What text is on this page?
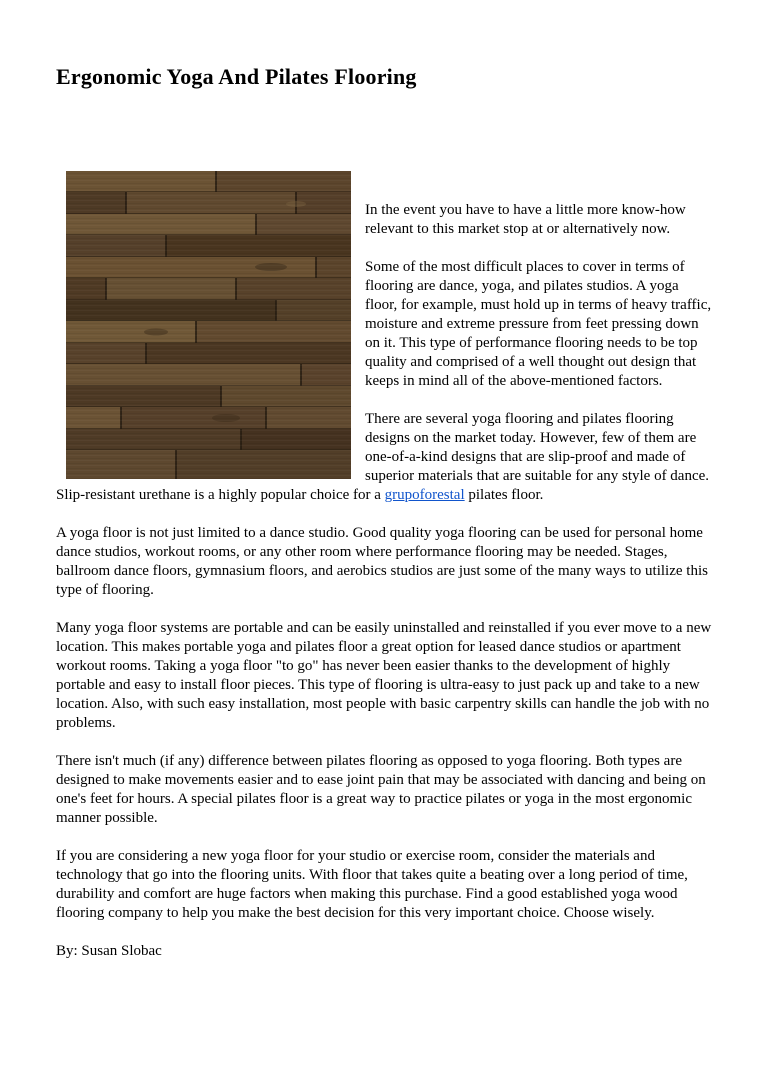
Ergonomic Yoga And Pilates Flooring

In the event you have to have a little more know-how relevant to this market stop at or alternatively now.

Some of the most difficult places to cover in terms of flooring are dance, yoga, and pilates studios. A yoga floor, for example, must hold up in terms of heavy traffic, moisture and extreme pressure from feet pressing down on it. This type of performance flooring needs to be top quality and comprised of a well thought out design that keeps in mind all of the above-mentioned factors.

There are several yoga flooring and pilates flooring designs on the market today. However, few of them are one-of-a-kind designs that are slip-proof and made of superior materials that are suitable for any style of dance. Slip-resistant urethane is a highly popular choice for a grupoforestal pilates floor.

A yoga floor is not just limited to a dance studio. Good quality yoga flooring can be used for personal home dance studios, workout rooms, or any other room where performance flooring may be needed. Stages, ballroom dance floors, gymnasium floors, and aerobics studios are just some of the many ways to utilize this type of flooring.

Many yoga floor systems are portable and can be easily uninstalled and reinstalled if you ever move to a new location. This makes portable yoga and pilates floor a great option for leased dance studios or apartment workout rooms. Taking a yoga floor "to go" has never been easier thanks to the development of highly portable and easy to install floor pieces. This type of flooring is ultra-easy to just pack up and take to a new location. Also, with such easy installation, most people with basic carpentry skills can handle the job with no problems.

There isn't much (if any) difference between pilates flooring as opposed to yoga flooring. Both types are designed to make movements easier and to ease joint pain that may be associated with dancing and being on one's feet for hours. A special pilates floor is a great way to practice pilates or yoga in the most ergonomic manner possible.

If you are considering a new yoga floor for your studio or exercise room, consider the materials and technology that go into the flooring units. With floor that takes quite a beating over a long period of time, durability and comfort are huge factors when making this purchase. Find a good established yoga wood flooring company to help you make the best decision for this very important choice. Choose wisely.

By: Susan Slobac
